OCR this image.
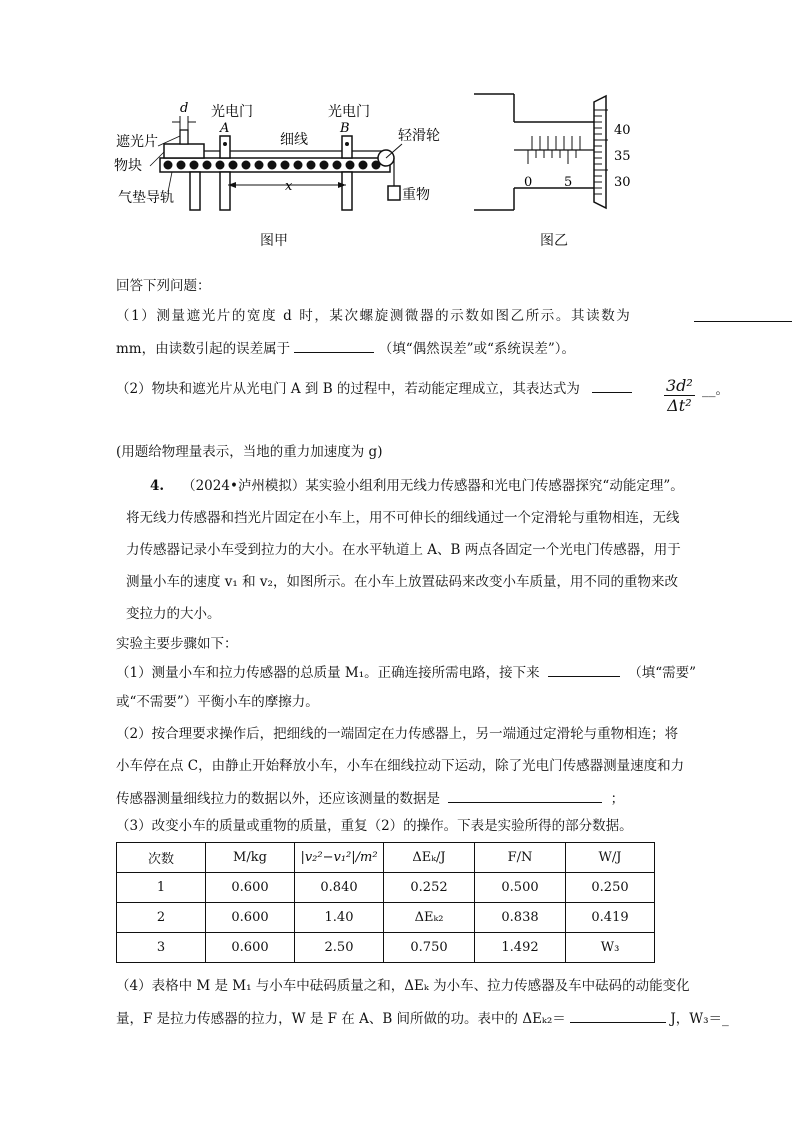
d
x
光电门
A
光电门
B
细线	轻滑轮
遮光片
物块
气垫导轨	重物
图甲
0 5
40
35
30
图乙
回答下列问题：
（1）测量遮光片的宽度 d 时，某次螺旋测微器的示数如图乙所示。其读数为
mm，由读数引起的误差属于	（填“偶然误差”或“系统误差”）。
（2）物块和遮光片从光电门 A 到 B 的过程中，若动能定理成立，其表达式为	$\frac{\text{3d²}}{\text{Δt²}}$ __。
(用题给物理量表示，当地的重力加速度为 g)
4. （2024•泸州模拟）某实验小组利用无线力传感器和光电门传感器探究“动能定理”。
将无线力传感器和挡光片固定在小车上，用不可伸长的细线通过一个定滑轮与重物相连，无线
力传感器记录小车受到拉力的大小。在水平轨道上 A、B 两点各固定一个光电门传感器，用于
测量小车的速度 v₁ 和 v₂，如图所示。在小车上放置砝码来改变小车质量，用不同的重物来改
变拉力的大小。
实验主要步骤如下：
（1）测量小车和拉力传感器的总质量 M₁。正确连接所需电路，接下来	（填“需要”
或“不需要”）平衡小车的摩擦力。
（2）按合理要求操作后，把细线的一端固定在力传感器上，另一端通过定滑轮与重物相连；将
小车停在点 C，由静止开始释放小车，小车在细线拉动下运动，除了光电门传感器测量速度和力
传感器测量细线拉力的数据以外，还应该测量的数据是	；
（3）改变小车的质量或重物的质量，重复（2）的操作。下表是实验所得的部分数据。
次数	M/kg	|v₂²−v₁²|/m²	ΔEₖ/J	F/N	W/J
1	0.600	0.840	0.252	0.500	0.250
2	0.600	1.40	ΔEₖ₂	0.838	0.419
3	0.600	2.50	0.750	1.492	W₃
（4）表格中 M 是 M₁ 与小车中砝码质量之和，ΔEₖ 为小车、拉力传感器及车中砝码的动能变化
量，F 是拉力传感器的拉力，W 是 F 在 A、B 间所做的功。表中的 ΔEₖ₂＝	J，W₃＝_
